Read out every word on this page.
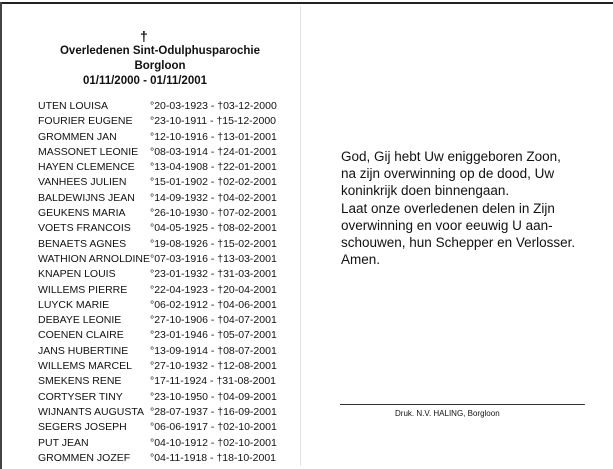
†
Overledenen Sint-Odulphusparochie
Borgloon
01/11/2000 - 01/11/2001
UTEN LOUISA	°20-03-1923 - †03-12-2000
FOURIER EUGENE °23-10-1911 - †15-12-2000
GROMMEN JAN	°12-10-1916 - †13-01-2001
MASSONET LEONIE °08-03-1914 - †24-01-2001
HAYEN CLEMENCE °13-04-1908 - †22-01-2001
VANHEES JULIEN °15-01-1902 - †02-02-2001
BALDEWIJNS JEAN °14-09-1932 - †04-02-2001
GEUKENS MARIA °26-10-1930 - †07-02-2001
VOETS FRANCOIS °04-05-1925 - †08-02-2001
BENAETS AGNES °19-08-1926 - †15-02-2001
WATHION ARNOLDINE °07-03-1916 - †13-03-2001
KNAPEN LOUIS	°23-01-1932 - †31-03-2001
WILLEMS PIERRE °22-04-1923 - †20-04-2001
LUYCK MARIE	°06-02-1912 - †04-06-2001
DEBAYE LEONIE	°27-10-1906 - †04-07-2001
COENEN CLAIRE °23-01-1946 - †05-07-2001
JANS HUBERTINE °13-09-1914 - †08-07-2001
WILLEMS MARCEL °27-10-1932 - †12-08-2001
SMEKENS RENE	°17-11-1924 - †31-08-2001
CORTYSER TINY	°23-10-1950 - †04-09-2001
WIJNANTS AUGUSTA °28-07-1937 - †16-09-2001
SEGERS JOSEPH °06-06-1917 - †02-10-2001
PUT JEAN	°04-10-1912 - †02-10-2001
GROMMEN JOZEF °04-11-1918 - †18-10-2001
God, Gij hebt Uw eniggeboren Zoon,
na zijn overwinning op de dood, Uw
koninkrijk doen binnengaan.
Laat onze overledenen delen in Zijn
overwinning en voor eeuwig U aan-
schouwen, hun Schepper en Verlosser.
Amen.
Druk. N.V. HALING, Borgloon
